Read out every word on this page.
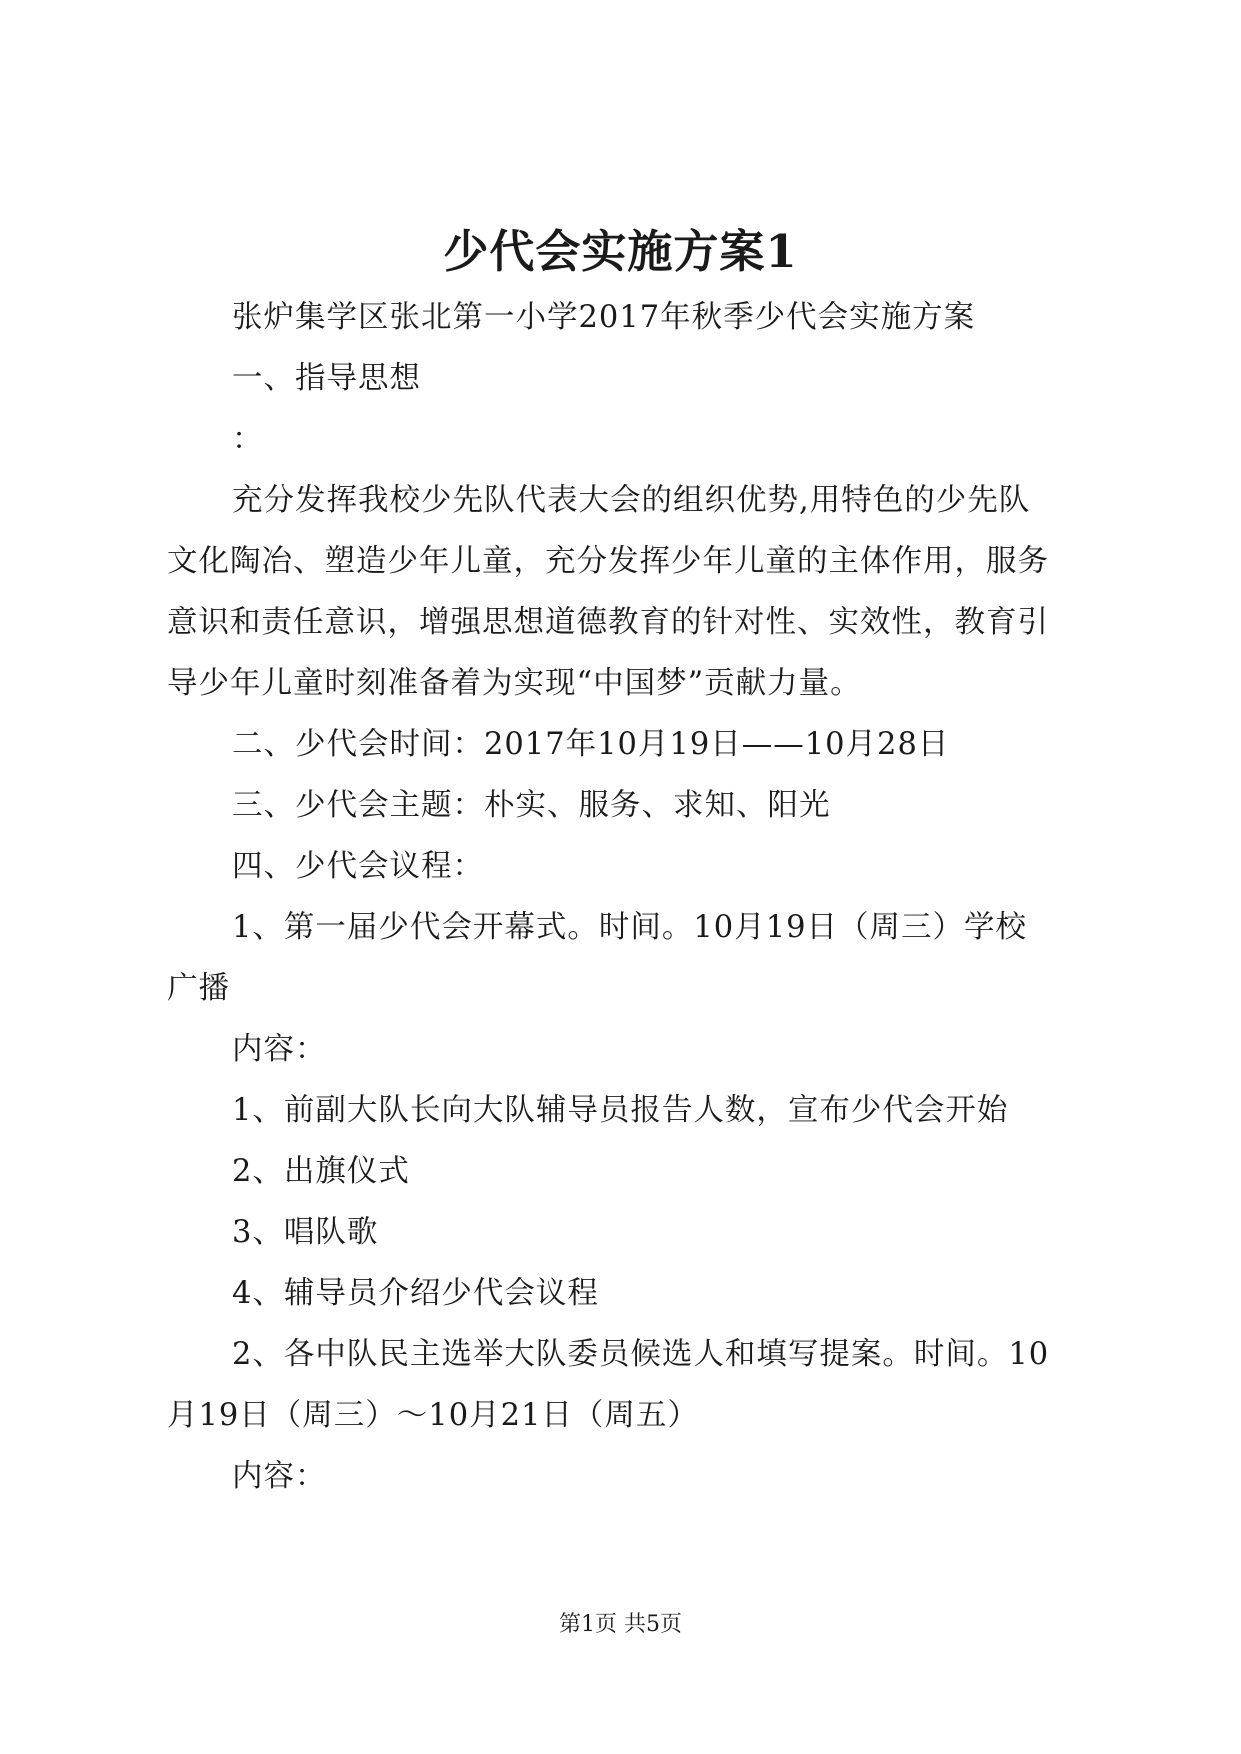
少代会实施方案1
张炉集学区张北第一小学2017年秋季少代会实施方案
一、指导思想
：
充分发挥我校少先队代表大会的组织优势,用特色的少先队
文化陶冶、塑造少年儿童，充分发挥少年儿童的主体作用，服务
意识和责任意识，增强思想道德教育的针对性、实效性，教育引
导少年儿童时刻准备着为实现“中国梦”贡献力量。
二、少代会时间：2017年10月19日——10月28日
三、少代会主题：朴实、服务、求知、阳光
四、少代会议程：
1、第一届少代会开幕式。时间。10月19日（周三）学校
广播
内容：
1、前副大队长向大队辅导员报告人数，宣布少代会开始
2、出旗仪式
3、唱队歌
4、辅导员介绍少代会议程
2、各中队民主选举大队委员候选人和填写提案。时间。10
月19日（周三）～10月21日（周五）
内容：
第1页 共5页
